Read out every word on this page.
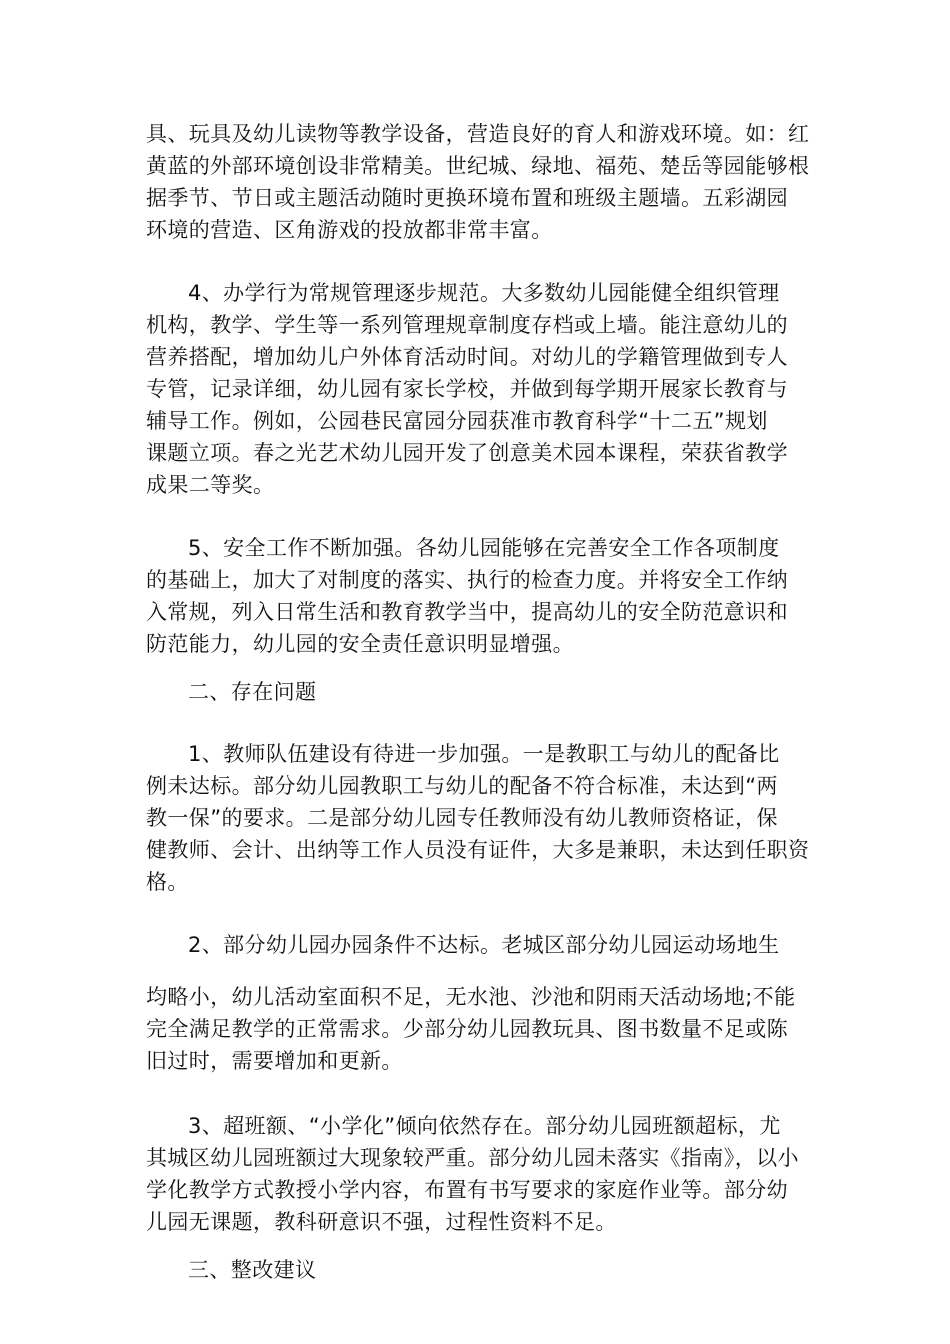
具、玩具及幼儿读物等教学设备，营造良好的育人和游戏环境。如：红
黄蓝的外部环境创设非常精美。世纪城、绿地、福苑、楚岳等园能够根
据季节、节日或主题活动随时更换环境布置和班级主题墙。五彩湖园
环境的营造、区角游戏的投放都非常丰富。
4、办学行为常规管理逐步规范。大多数幼儿园能健全组织管理
机构，教学、学生等一系列管理规章制度存档或上墙。能注意幼儿的
营养搭配，增加幼儿户外体育活动时间。对幼儿的学籍管理做到专人
专管，记录详细，幼儿园有家长学校，并做到每学期开展家长教育与
辅导工作。例如，公园巷民富园分园获准市教育科学“十二五”规划
课题立项。春之光艺术幼儿园开发了创意美术园本课程，荣获省教学
成果二等奖。
5、安全工作不断加强。各幼儿园能够在完善安全工作各项制度
的基础上，加大了对制度的落实、执行的检查力度。并将安全工作纳
入常规，列入日常生活和教育教学当中，提高幼儿的安全防范意识和
防范能力，幼儿园的安全责任意识明显增强。
二、存在问题
1、教师队伍建设有待进一步加强。一是教职工与幼儿的配备比
例未达标。部分幼儿园教职工与幼儿的配备不符合标准，未达到“两
教一保”的要求。二是部分幼儿园专任教师没有幼儿教师资格证，保
健教师、会计、出纳等工作人员没有证件，大多是兼职，未达到任职资
格。
2、部分幼儿园办园条件不达标。老城区部分幼儿园运动场地生
均略小，幼儿活动室面积不足，无水池、沙池和阴雨天活动场地;不能
完全满足教学的正常需求。少部分幼儿园教玩具、图书数量不足或陈
旧过时，需要增加和更新。
3、超班额、“小学化”倾向依然存在。部分幼儿园班额超标，尤
其城区幼儿园班额过大现象较严重。部分幼儿园未落实《指南》，以小
学化教学方式教授小学内容，布置有书写要求的家庭作业等。部分幼
儿园无课题，教科研意识不强，过程性资料不足。
三、整改建议
